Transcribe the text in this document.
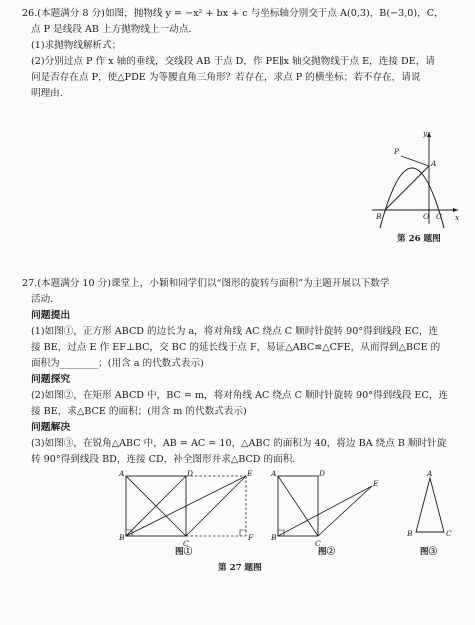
26.(本题满分 8 分)如图，抛物线 y = −x² + bx + c 与坐标轴分别交于点 A(0,3)，B(−3,0)，C，

点 P 是线段 AB 上方抛物线上一动点.

(1)求抛物线解析式；

(2)分别过点 P 作 x 轴的垂线，交线段 AB 于点 D，作 PE∥x 轴交抛物线于点 E，连接 DE，请

问是否存在点 P，使△PDE 为等腰直角三角形？若存在，求点 P 的横坐标；若不存在，请说

明理由.

y
x
P
A
B	O C
第 26 题图

27.(本题满分 10 分)课堂上，小颖和同学们以“图形的旋转与面积”为主题开展以下数学

活动.

问题提出

(1)如图①，正方形 ABCD 的边长为 a，将对角线 AC 绕点 C 顺时针旋转 90°得到线段 EC，连

接 BE，过点 E 作 EF⊥BC，交 BC 的延长线于点 F，易证△ABC≌△CFE，从而得到△BCE 的

面积为________；(用含 a 的代数式表示)

问题探究

(2)如图②，在矩形 ABCD 中，BC = m，将对角线 AC 绕点 C 顺时针旋转 90°得到线段 EC，连

接 BE，求△BCE 的面积；(用含 m 的代数式表示)

问题解决

(3)如图③，在锐角△ABC 中，AB = AC = 10，△ABC 的面积为 40，将边 BA 绕点 B 顺时针旋

转 90°得到线段 BD，连接 CD，补全图形并求△BCD 的面积.

A	D	E
B
C
F
图①
A	D
E
B
C
图②
A
B	C
图③
第 27 题图
